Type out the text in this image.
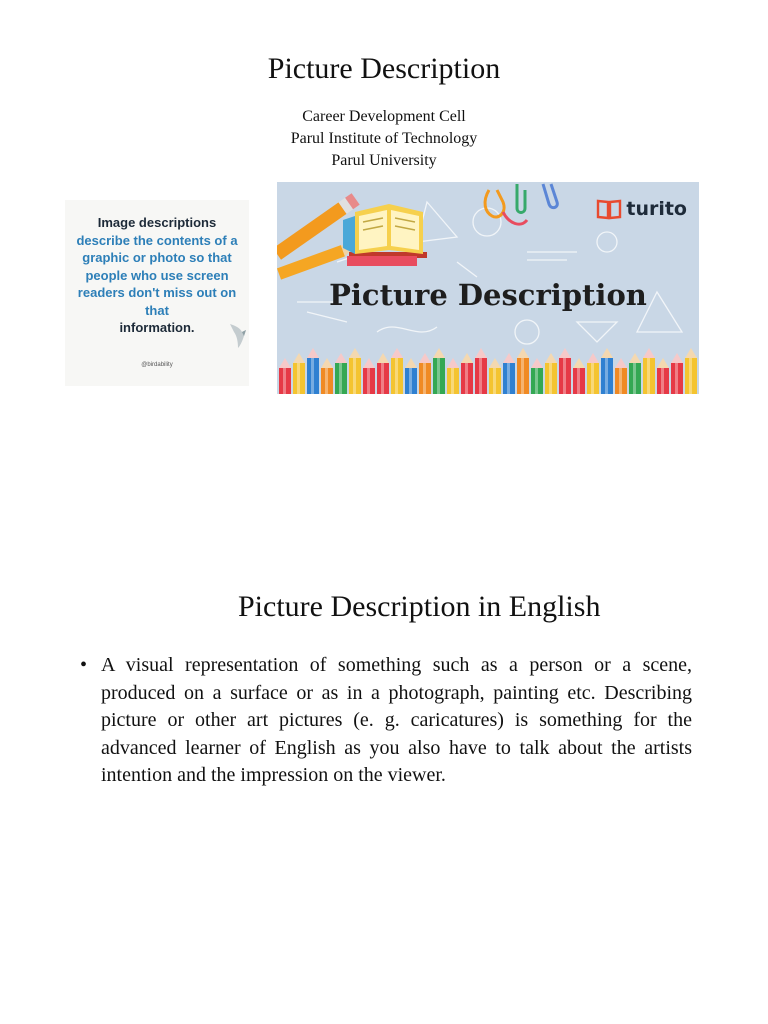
Picture Description
Career Development Cell
Parul Institute of Technology
Parul University
Image descriptions
describe the contents of a graphic or photo so that people who use screen readers don't miss out on that
information.
@birdability
turito
Picture Description
Picture Description in English
• A visual representation of something such as a person or a scene, produced on a surface or as in a photograph, painting etc. Describing picture or other art pictures (e. g. caricatures) is something for the advanced learner of English as you also have to talk about the artists intention and the impression on the viewer.
